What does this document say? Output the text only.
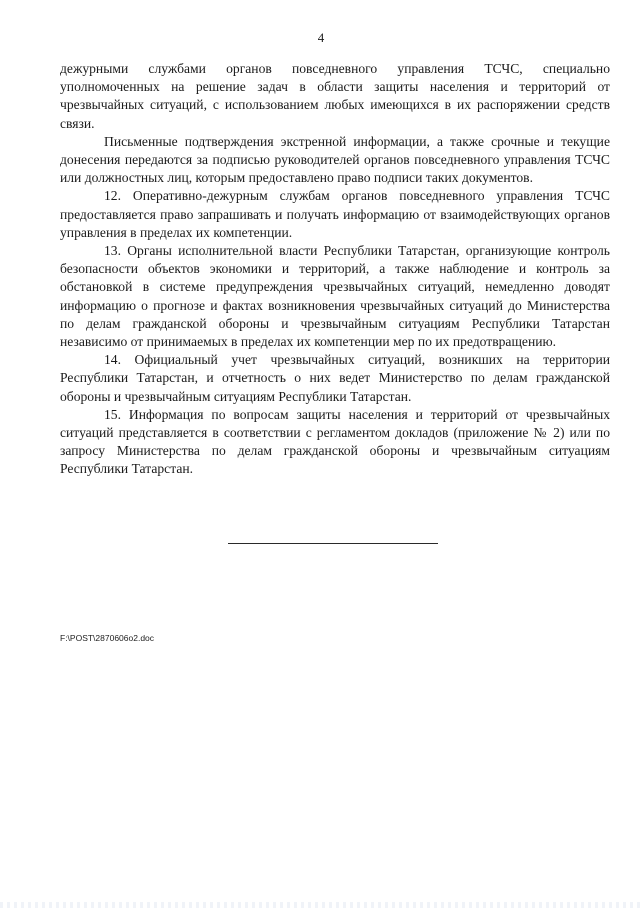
4

дежурными службами органов повседневного управления ТСЧС, специально уполномоченных на решение задач в области защиты населения и территорий от чрезвычайных ситуаций, с использованием любых имеющихся в их распоряжении средств связи.

Письменные подтверждения экстренной информации, а также срочные и текущие донесения передаются за подписью руководителей органов повседневного управления ТСЧС или должностных лиц, которым предоставлено право подписи таких документов.

12. Оперативно-дежурным службам органов повседневного управления ТСЧС предоставляется право запрашивать и получать информацию от взаимодействующих органов управления в пределах их компетенции.

13. Органы исполнительной власти Республики Татарстан, организующие контроль безопасности объектов экономики и территорий, а также наблюдение и контроль за обстановкой в системе предупреждения чрезвычайных ситуаций, немедленно доводят информацию о прогнозе и фактах возникновения чрезвычайных ситуаций до Министерства по делам гражданской обороны и чрезвычайным ситуациям Республики Татарстан независимо от принимаемых в пределах их компетенции мер по их предотвращению.

14. Официальный учет чрезвычайных ситуаций, возникших на территории Республики Татарстан, и отчетность о них ведет Министерство по делам гражданской обороны и чрезвычайным ситуациям Республики Татарстан.

15. Информация по вопросам защиты населения и территорий от чрезвычайных ситуаций представляется в соответствии с регламентом докладов (приложение № 2) или по запросу Министерства по делам гражданской обороны и чрезвычайным ситуациям Республики Татарстан.

F:\POST\2870606o2.doc
